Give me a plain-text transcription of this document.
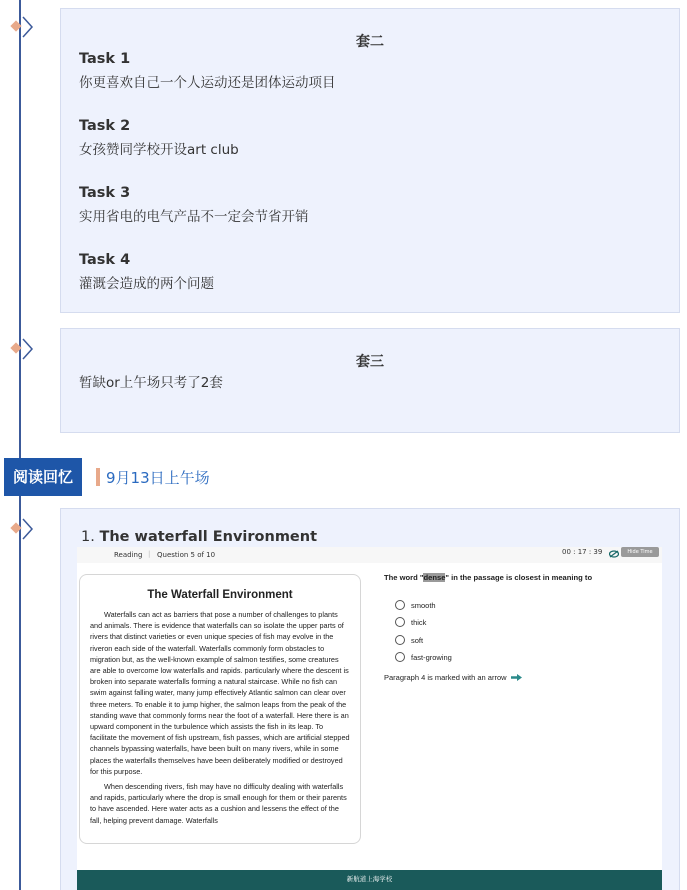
套二

Task 1

你更喜欢自己一个人运动还是团体运动项目

Task 2

女孩赞同学校开设art club

Task 3

实用省电的电气产品不一定会节省开销

Task 4

灌溉会造成的两个问题

套三

暂缺or上午场只考了2套

阅读回忆	9月13日上午场
1. The waterfall Environment
Reading | Question 5 of 10	00 : 17 : 39	Hide Time
The Waterfall Environment

Waterfalls can act as barriers that pose a number of challenges to plants and animals. There is evidence that waterfalls can so isolate the upper parts of rivers that distinct varieties or even unique species of fish may evolve in the riveron each side of the waterfall. Waterfalls commonly form obstacles to migration but, as the well-known example of salmon testifies, some creatures are able to overcome low waterfalls and rapids. particularly where the descent is broken into separate waterfalls forming a natural staircase. While no fish can swim against falling water, many jump effectively Atlantic salmon can clear over three meters. To enable it to jump higher, the salmon leaps from the peak of the standing wave that commonly forms near the foot of a waterfall. Here there is an upward component in the turbulence which assists the fish in its leap. To facilitate the movement of fish upstream, fish passes, which are artificial stepped channels bypassing waterfalls, have been built on many rivers, while in some places the waterfalls themselves have been deliberately modified or destroyed for this purpose.

When descending rivers, fish may have no difficulty dealing with waterfalls and rapids, particularly where the drop is small enough for them or their parents to have ascended. Here water acts as a cushion and lessens the effect of the fall, helping prevent damage. Waterfalls

The word "dense" in the passage is closest in meaning to
smooth
thick
soft
fast-growing
Paragraph 4 is marked with an arrow
新航道上海学校
